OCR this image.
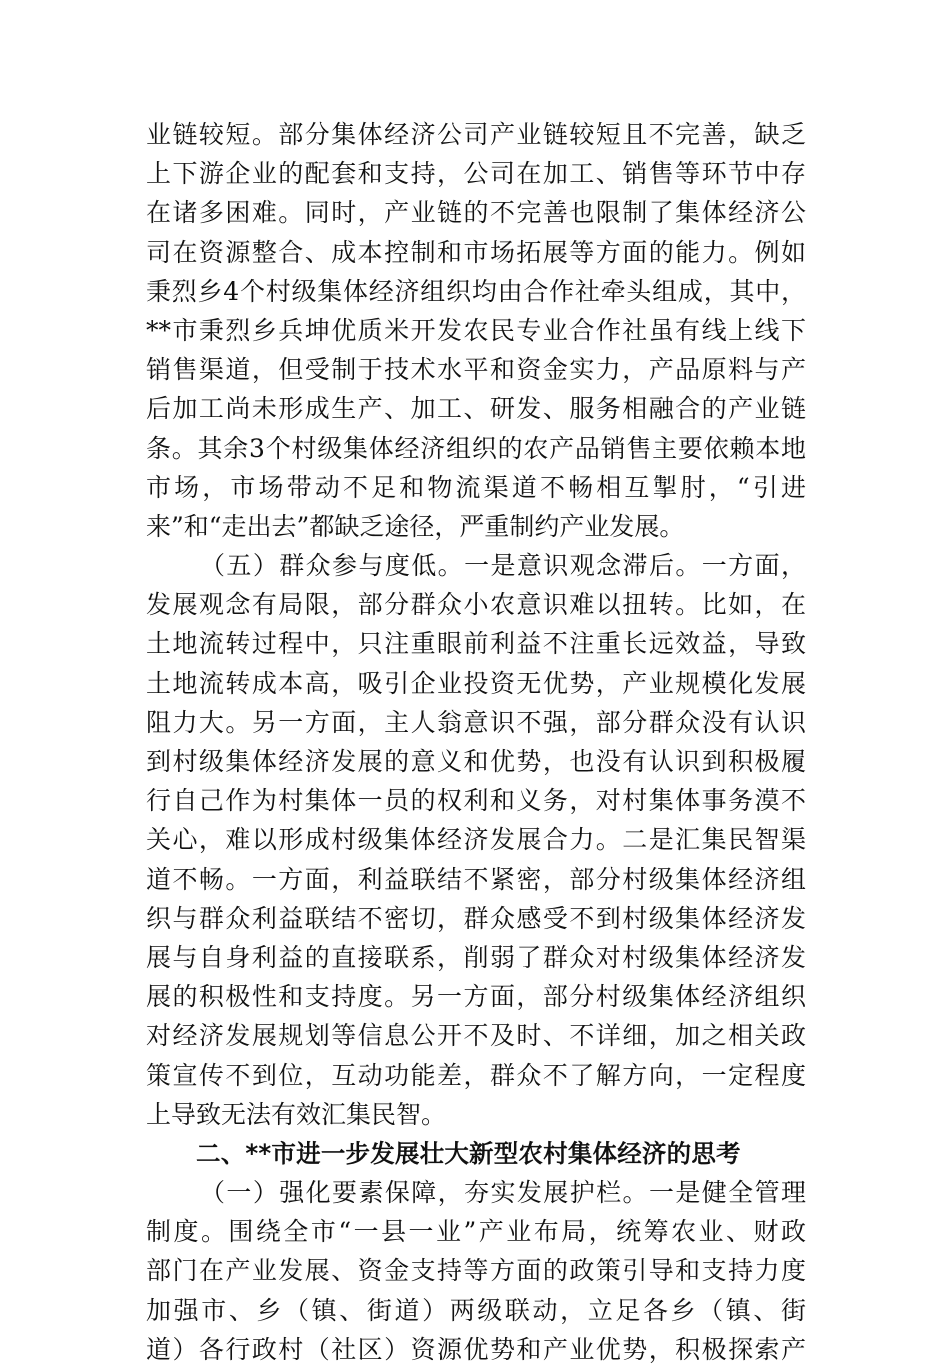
业链较短。部分集体经济公司产业链较短且不完善，缺乏
上下游企业的配套和支持，公司在加工、销售等环节中存
在诸多困难。同时，产业链的不完善也限制了集体经济公
司在资源整合、成本控制和市场拓展等方面的能力。例如
秉烈乡4个村级集体经济组织均由合作社牵头组成，其中，
**市秉烈乡兵坤优质米开发农民专业合作社虽有线上线下
销售渠道，但受制于技术水平和资金实力，产品原料与产
后加工尚未形成生产、加工、研发、服务相融合的产业链
条。其余3个村级集体经济组织的农产品销售主要依赖本地
市场，市场带动不足和物流渠道不畅相互掣肘，“引进
来”和“走出去”都缺乏途径，严重制约产业发展。
（五）群众参与度低。一是意识观念滞后。一方面，
发展观念有局限，部分群众小农意识难以扭转。比如，在
土地流转过程中，只注重眼前利益不注重长远效益，导致
土地流转成本高，吸引企业投资无优势，产业规模化发展
阻力大。另一方面，主人翁意识不强，部分群众没有认识
到村级集体经济发展的意义和优势，也没有认识到积极履
行自己作为村集体一员的权利和义务，对村集体事务漠不
关心，难以形成村级集体经济发展合力。二是汇集民智渠
道不畅。一方面，利益联结不紧密，部分村级集体经济组
织与群众利益联结不密切，群众感受不到村级集体经济发
展与自身利益的直接联系，削弱了群众对村级集体经济发
展的积极性和支持度。另一方面，部分村级集体经济组织
对经济发展规划等信息公开不及时、不详细，加之相关政
策宣传不到位，互动功能差，群众不了解方向，一定程度
上导致无法有效汇集民智。
二、**市进一步发展壮大新型农村集体经济的思考
（一）强化要素保障，夯实发展护栏。一是健全管理
制度。围绕全市“一县一业”产业布局，统筹农业、财政
部门在产业发展、资金支持等方面的政策引导和支持力度
加强市、乡（镇、街道）两级联动，立足各乡（镇、街
道）各行政村（社区）资源优势和产业优势，积极探索产
